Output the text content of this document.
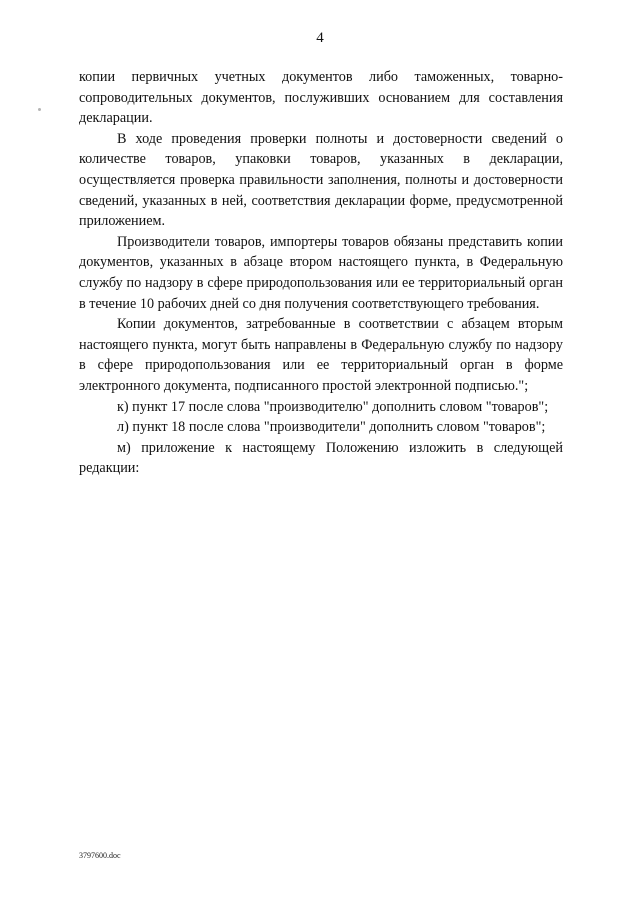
4

копии первичных учетных документов либо таможенных, товарно-сопроводительных документов, послуживших основанием для составления декларации.

В ходе проведения проверки полноты и достоверности сведений о количестве товаров, упаковки товаров, указанных в декларации, осуществляется проверка правильности заполнения, полноты и достоверности сведений, указанных в ней, соответствия декларации форме, предусмотренной приложением.

Производители товаров, импортеры товаров обязаны представить копии документов, указанных в абзаце втором настоящего пункта, в Федеральную службу по надзору в сфере природопользования или ее территориальный орган в течение 10 рабочих дней со дня получения соответствующего требования.

Копии документов, затребованные в соответствии с абзацем вторым настоящего пункта, могут быть направлены в Федеральную службу по надзору в сфере природопользования или ее территориальный орган в форме электронного документа, подписанного простой электронной подписью.";

к) пункт 17 после слова "производителю" дополнить словом "товаров";

л) пункт 18 после слова "производители" дополнить словом "товаров";

м) приложение к настоящему Положению изложить в следующей редакции:

3797600.doc
